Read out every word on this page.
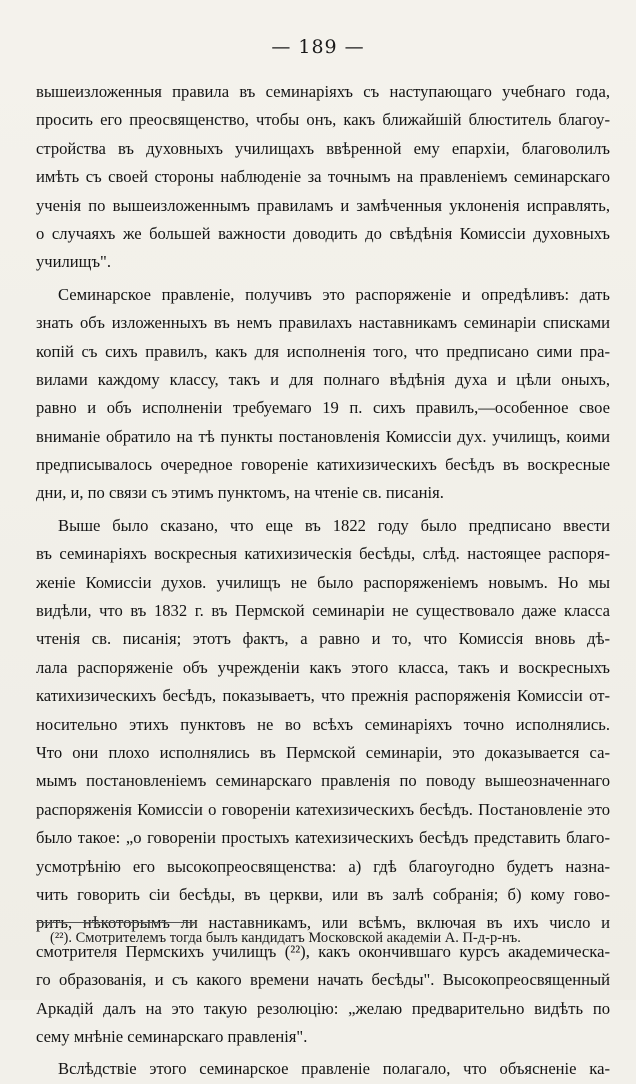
— 189 —
вышеизложенныя правила въ семинаріяхъ съ наступающаго учебнаго года,
просить его преосвященство, чтобы онъ, какъ ближайшій блюститель благоу-
стройства въ духовныхъ училищахъ ввѣренной ему епархіи, благоволилъ
имѣть съ своей стороны наблюденіе за точнымъ на правленіемъ семинарскаго
ученія по вышеизложеннымъ правиламъ и замѣченныя уклоненія исправлять,
о случаяхъ же большей важности доводить до свѣдѣнія Комиссіи духовныхъ
училищъ".
Семинарское правленіе, получивъ это распоряженіе и опредѣливъ: дать
знать объ изложенныхъ въ немъ правилахъ наставникамъ семинаріи списками
копій съ сихъ правилъ, какъ для исполненія того, что предписано сими пра-
вилами каждому классу, такъ и для полнаго вѣдѣнія духа и цѣли оныхъ,
равно и объ исполненіи требуемаго 19 п. сихъ правилъ,—особенное свое
вниманіе обратило на тѣ пункты постановленія Комиссіи дух. училищъ, коими
предписывалось очередное говореніе катихизическихъ бесѣдъ въ воскресные
дни, и, по связи съ этимъ пунктомъ, на чтеніе св. писанія.
Выше было сказано, что еще въ 1822 году было предписано ввести
въ семинаріяхъ воскресныя катихизическія бесѣды, слѣд. настоящее распоря-
женіе Комиссіи духов. училищъ не было распоряженіемъ новымъ. Но мы
видѣли, что въ 1832 г. въ Пермской семинаріи не существовало даже класса
чтенія св. писанія; этотъ фактъ, а равно и то, что Комиссія вновь дѣ-
лала распоряженіе объ учрежденіи какъ этого класса, такъ и воскресныхъ
катихизическихъ бесѣдъ, показываетъ, что прежнія распоряженія Комиссіи от-
носительно этихъ пунктовъ не во всѣхъ семинаріяхъ точно исполнялись.
Что они плохо исполнялись въ Пермской семинаріи, это доказывается са-
мымъ постановленіемъ семинарскаго правленія по поводу вышеозначеннаго
распоряженія Комиссіи о говореніи катехизическихъ бесѣдъ. Постановленіе это
было такое: „о говореніи простыхъ катехизическихъ бесѣдъ представить благо-
усмотрѣнію его высокопреосвященства: а) гдѣ благоугодно будетъ назна-
чить говорить сіи бесѣды, въ церкви, или въ залѣ собранія; б) кому гово-
рить, нѣкоторымъ ли наставникамъ, или всѣмъ, включая въ ихъ число и
смотрителя Пермскихъ училищъ (²²), какъ окончившаго курсъ академическа-
го образованія, и съ какого времени начать бесѣды". Высокопреосвященный
Аркадій далъ на это такую резолюцію: „желаю предварительно видѣть по
сему мнѣніе семинарскаго правленія".
Вслѣдствіе этого семинарское правленіе полагало, что объясненіе ка-
(²²). Смотрителемъ тогда былъ кандидатъ Московской академіи А. П-д-р-нъ.
